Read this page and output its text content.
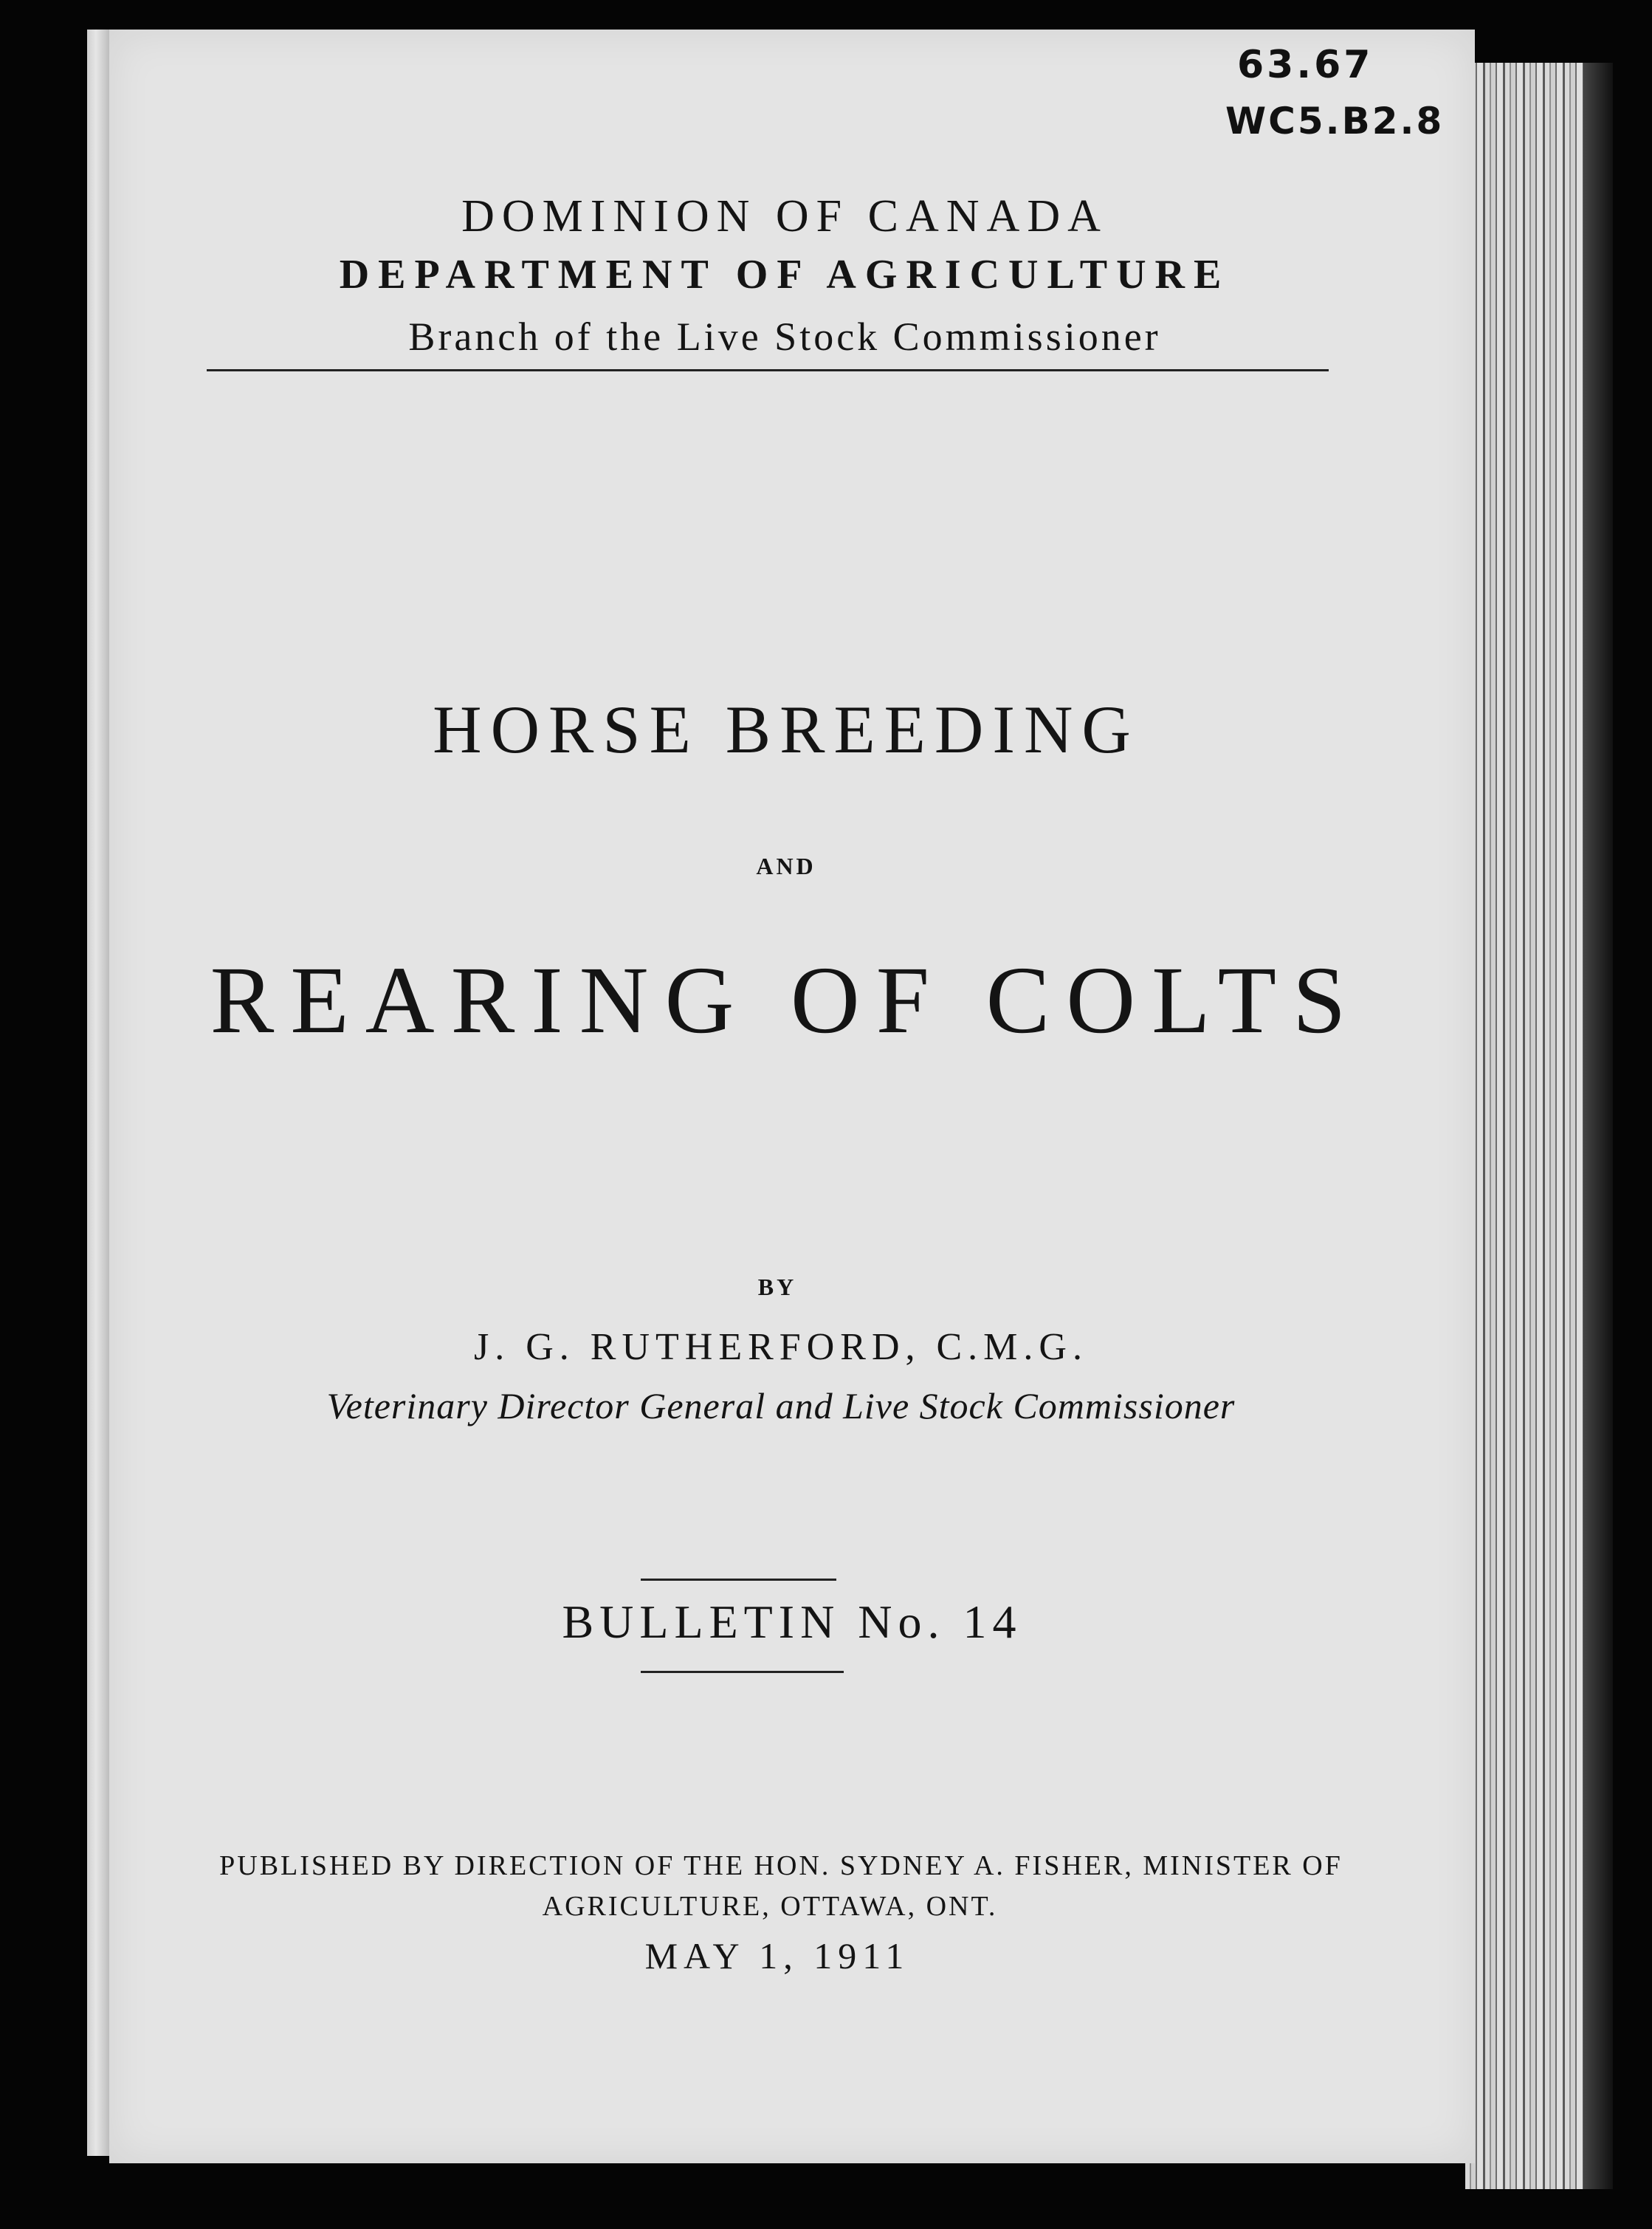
63.67
WC5.B2.8
DOMINION OF CANADA
DEPARTMENT OF AGRICULTURE
Branch of the Live Stock Commissioner
HORSE BREEDING
AND
REARING OF COLTS
BY
J. G. RUTHERFORD, C.M.G.
Veterinary Director General and Live Stock Commissioner
BULLETIN No. 14
PUBLISHED BY DIRECTION OF THE HON. SYDNEY A. FISHER, MINISTER OF
AGRICULTURE, OTTAWA, ONT.
MAY 1, 1911
